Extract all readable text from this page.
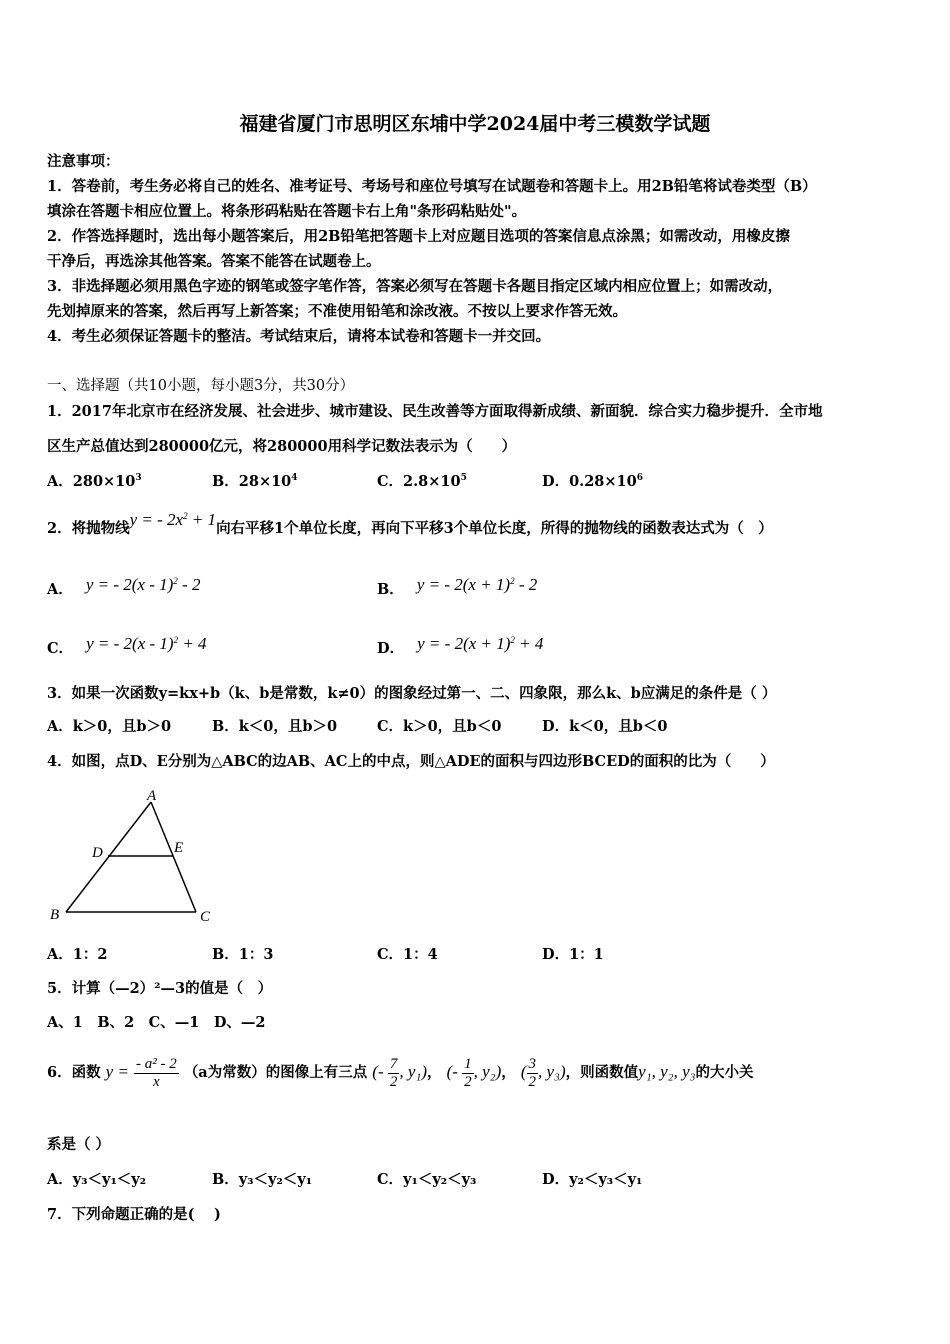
福建省厦门市思明区东埔中学2024届中考三模数学试题
注意事项：
1．答卷前，考生务必将自己的姓名、准考证号、考场号和座位号填写在试题卷和答题卡上。用2B铅笔将试卷类型（B）
填涂在答题卡相应位置上。将条形码粘贴在答题卡右上角"条形码粘贴处"。
2．作答选择题时，选出每小题答案后，用2B铅笔把答题卡上对应题目选项的答案信息点涂黑；如需改动，用橡皮擦
干净后，再选涂其他答案。答案不能答在试题卷上。
3．非选择题必须用黑色字迹的钢笔或签字笔作答，答案必须写在答题卡各题目指定区域内相应位置上；如需改动，
先划掉原来的答案，然后再写上新答案；不准使用铅笔和涂改液。不按以上要求作答无效。
4．考生必须保证答题卡的整洁。考试结束后，请将本试卷和答题卡一并交回。
一、选择题（共10小题，每小题3分，共30分）
1．2017年北京市在经济发展、社会进步、城市建设、民生改善等方面取得新成绩、新面貌．综合实力稳步提升．全市地
区生产总值达到280000亿元，将280000用科学记数法表示为（　　）
A．$280\times 10^3$	B．$28\times 10^4$	C．$2.8\times 10^5$	D．$0.28\times 10^6$
2．将抛物线y = - $2x^2 + 1$向右平移1个单位长度，再向下平移3个单位长度，所得的抛物线的函数表达式为（　）
A． y = - 2(x - 1)$^2$ - 2	B． y = - $2(x + 1)^2 - 2$
C． y = - 2(x - 1)$^2$ + 4	D． y = - $2(x + 1)^2 + 4$
3．如果一次函数y=kx+b（k、b是常数，k≠0）的图象经过第一、二、四象限，那么k、b应满足的条件是（ ）
A．k＞0，且b＞0	B．k＜0，且b＞0	C．k＞0，且b＜0	D．k＜0，且b＜0
4．如图，点D、E分别为△ABC的边AB、AC上的中点，则△ADE的面积与四边形BCED的面积的比为（　　）
A
D	E
B	C
A．1：2	B．1：3	C．1：4	D．1：1
5．计算（—2）²—3的值是（　）
A、1　B、2　C、—1　D、—2
6．函数 $y = \frac{\text{- a² - 2}}{x} (a$为常数）的图像上有三点 (- $\frac{7}{2}$ , y₁)， (- $\frac{1}{2}$ , y₂)， ( $\frac{3}{2}$ , y₃)，则函数值y₁, y₂, y₃的大小关
系是（ ）
A．y₃＜y₁＜y₂	B．y₃＜y₂＜y₁	C．y₁＜y₂＜y₃	D．y₂＜y₃＜y₁
7．下列命题正确的是(　 )
